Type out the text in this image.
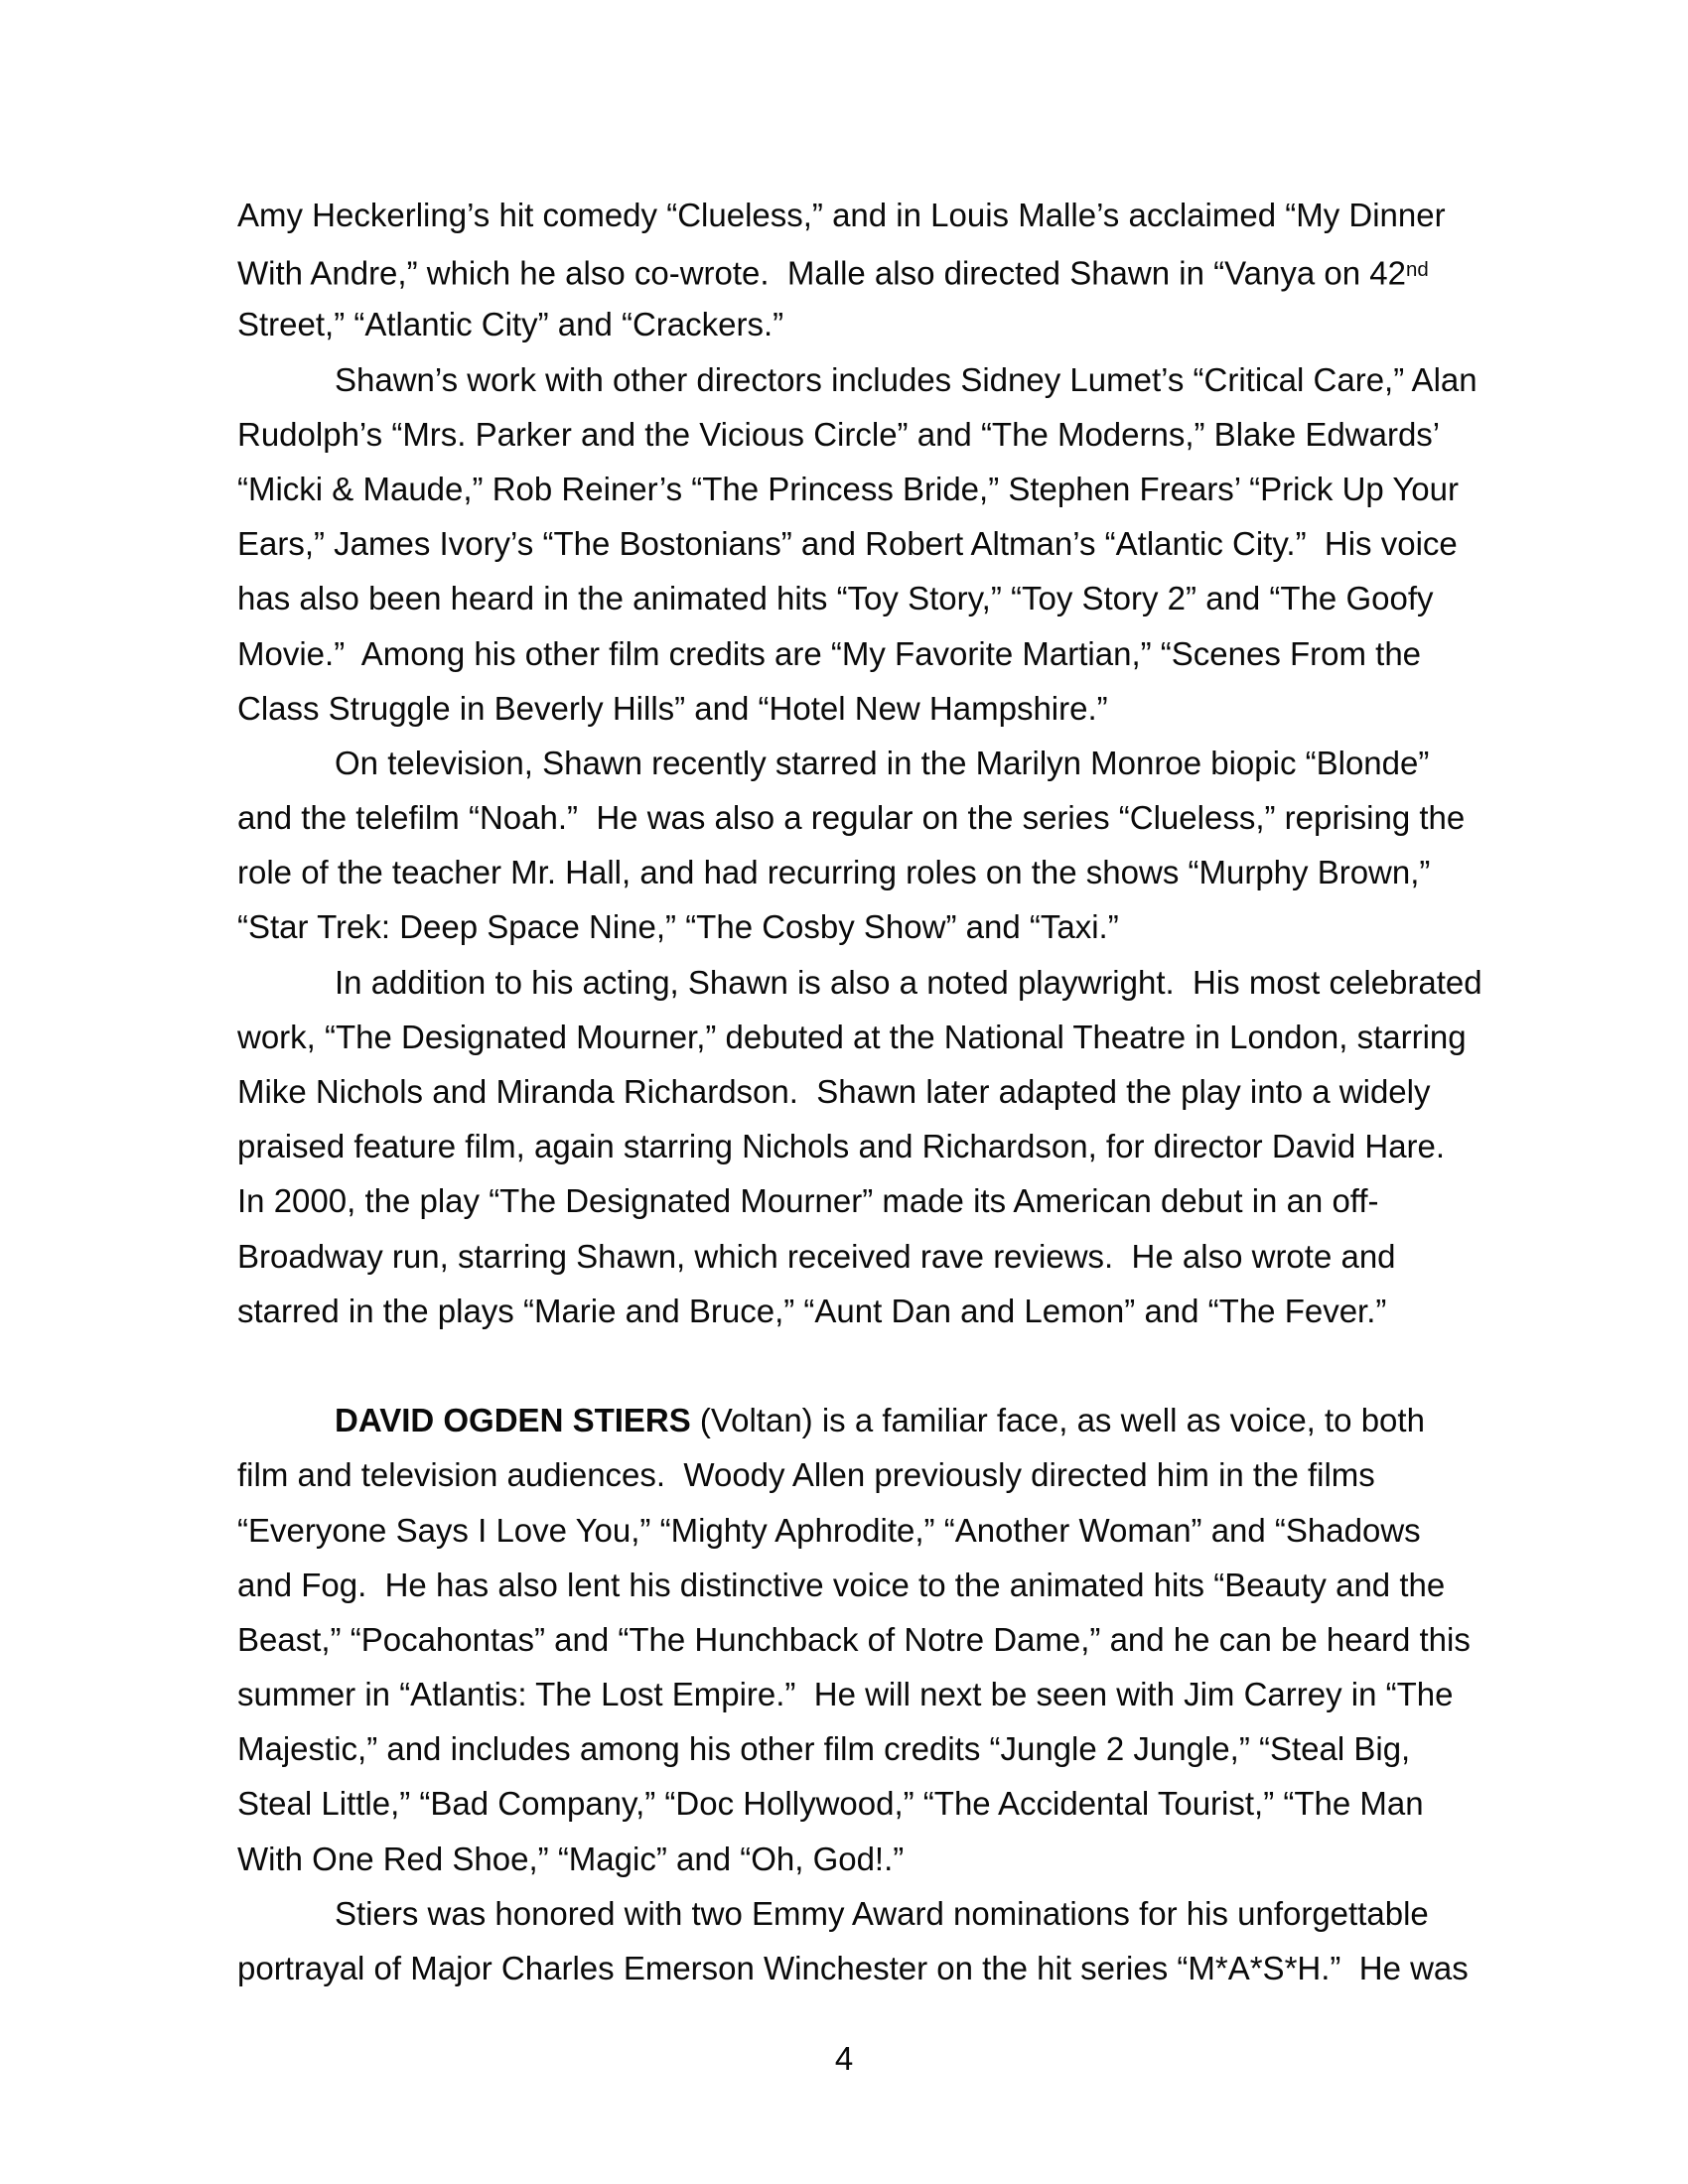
Amy Heckerling’s hit comedy “Clueless,” and in Louis Malle’s acclaimed “My Dinner
With Andre,” which he also co-wrote.  Malle also directed Shawn in “Vanya on 42nd
Street,” “Atlantic City” and “Crackers.”
Shawn’s work with other directors includes Sidney Lumet’s “Critical Care,” Alan
Rudolph’s “Mrs. Parker and the Vicious Circle” and “The Moderns,” Blake Edwards’
“Micki & Maude,” Rob Reiner’s “The Princess Bride,” Stephen Frears’ “Prick Up Your
Ears,” James Ivory’s “The Bostonians” and Robert Altman’s “Atlantic City.”  His voice
has also been heard in the animated hits “Toy Story,” “Toy Story 2” and “The Goofy
Movie.”  Among his other film credits are “My Favorite Martian,” “Scenes From the
Class Struggle in Beverly Hills” and “Hotel New Hampshire.”
On television, Shawn recently starred in the Marilyn Monroe biopic “Blonde”
and the telefilm “Noah.”  He was also a regular on the series “Clueless,” reprising the
role of the teacher Mr. Hall, and had recurring roles on the shows “Murphy Brown,”
“Star Trek: Deep Space Nine,” “The Cosby Show” and “Taxi.”
In addition to his acting, Shawn is also a noted playwright.  His most celebrated
work, “The Designated Mourner,” debuted at the National Theatre in London, starring
Mike Nichols and Miranda Richardson.  Shawn later adapted the play into a widely
praised feature film, again starring Nichols and Richardson, for director David Hare.
In 2000, the play “The Designated Mourner” made its American debut in an off-
Broadway run, starring Shawn, which received rave reviews.  He also wrote and
starred in the plays “Marie and Bruce,” “Aunt Dan and Lemon” and “The Fever.”

DAVID OGDEN STIERS (Voltan) is a familiar face, as well as voice, to both
film and television audiences.  Woody Allen previously directed him in the films
“Everyone Says I Love You,” “Mighty Aphrodite,” “Another Woman” and “Shadows
and Fog.  He has also lent his distinctive voice to the animated hits “Beauty and the
Beast,” “Pocahontas” and “The Hunchback of Notre Dame,” and he can be heard this
summer in “Atlantis: The Lost Empire.”  He will next be seen with Jim Carrey in “The
Majestic,” and includes among his other film credits “Jungle 2 Jungle,” “Steal Big,
Steal Little,” “Bad Company,” “Doc Hollywood,” “The Accidental Tourist,” “The Man
With One Red Shoe,” “Magic” and “Oh, God!.”
Stiers was honored with two Emmy Award nominations for his unforgettable
portrayal of Major Charles Emerson Winchester on the hit series “M*A*S*H.”  He was
4
